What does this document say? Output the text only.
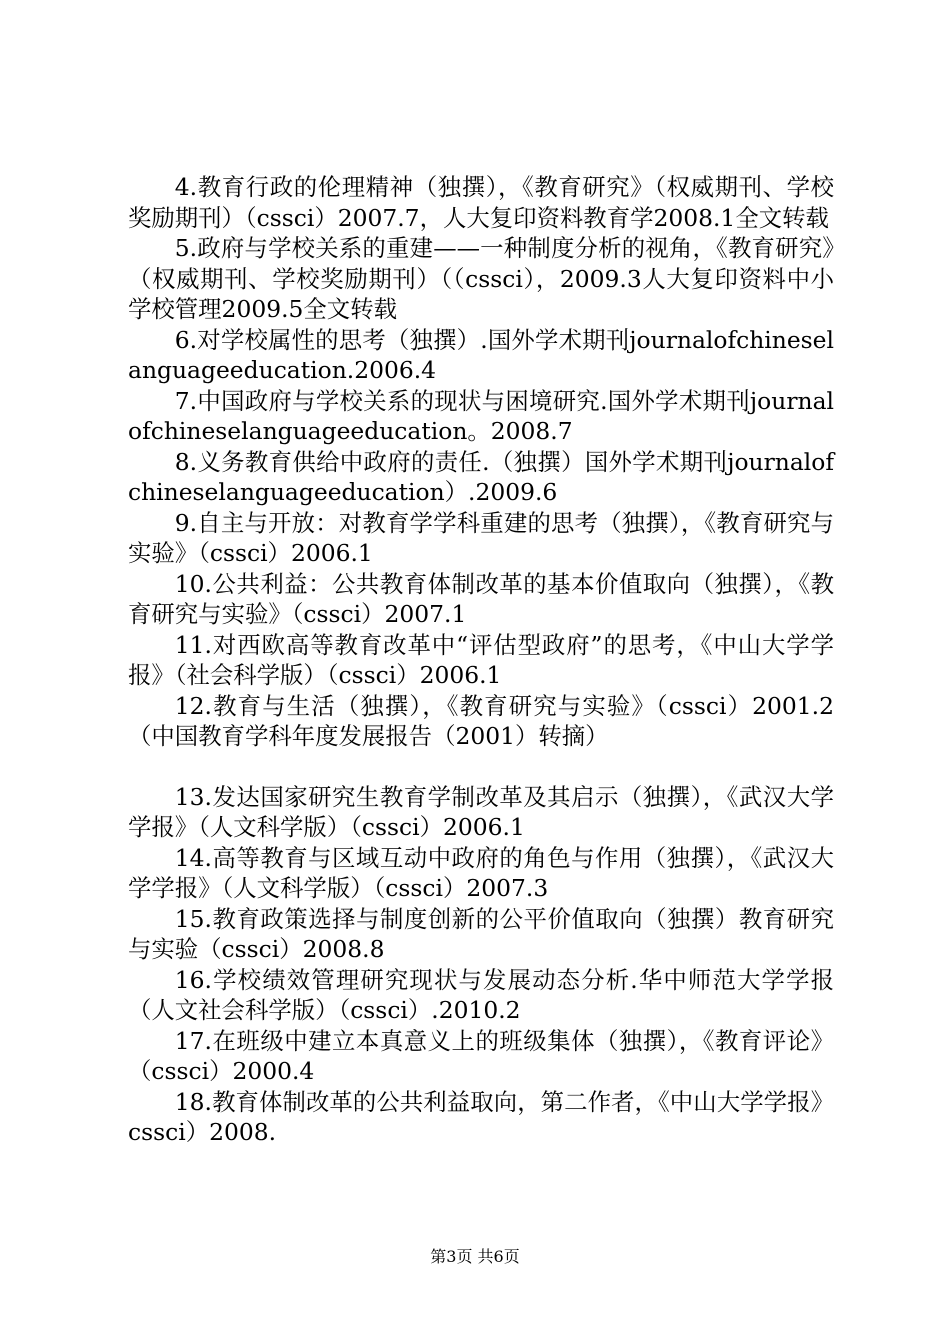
4.教育行政的伦理精神（独撰），《教育研究》（权威期刊、学校奖励期刊）（cssci）2007.7，人大复印资料教育学2008.1全文转载

5.政府与学校关系的重建——一种制度分析的视角，《教育研究》（权威期刊、学校奖励期刊）（（cssci），2009.3人大复印资料中小学校管理2009.5全文转载

6.对学校属性的思考（独撰）.国外学术期刊journalofchineselanguageeducation.2006.4

7.中国政府与学校关系的现状与困境研究.国外学术期刊journalofchineselanguageeducation。2008.7

8.义务教育供给中政府的责任.（独撰）国外学术期刊journalofchineselanguageeducation）.2009.6

9.自主与开放：对教育学学科重建的思考（独撰），《教育研究与实验》（cssci）2006.1

10.公共利益：公共教育体制改革的基本价值取向（独撰），《教育研究与实验》（cssci）2007.1

11.对西欧高等教育改革中“评估型政府”的思考，《中山大学学报》（社会科学版）（cssci）2006.1

12.教育与生活（独撰），《教育研究与实验》（cssci）2001.2（中国教育学科年度发展报告（2001）转摘）

13.发达国家研究生教育学制改革及其启示（独撰），《武汉大学学报》（人文科学版）（cssci）2006.1

14.高等教育与区域互动中政府的角色与作用（独撰），《武汉大学学报》（人文科学版）（cssci）2007.3

15.教育政策选择与制度创新的公平价值取向（独撰）教育研究与实验（cssci）2008.8

16.学校绩效管理研究现状与发展动态分析.华中师范大学学报（人文社会科学版）（cssci）.2010.2

17.在班级中建立本真意义上的班级集体（独撰），《教育评论》（cssci）2000.4

18.教育体制改革的公共利益取向，第二作者，《中山大学学报》cssci）2008.

第3页 共6页
